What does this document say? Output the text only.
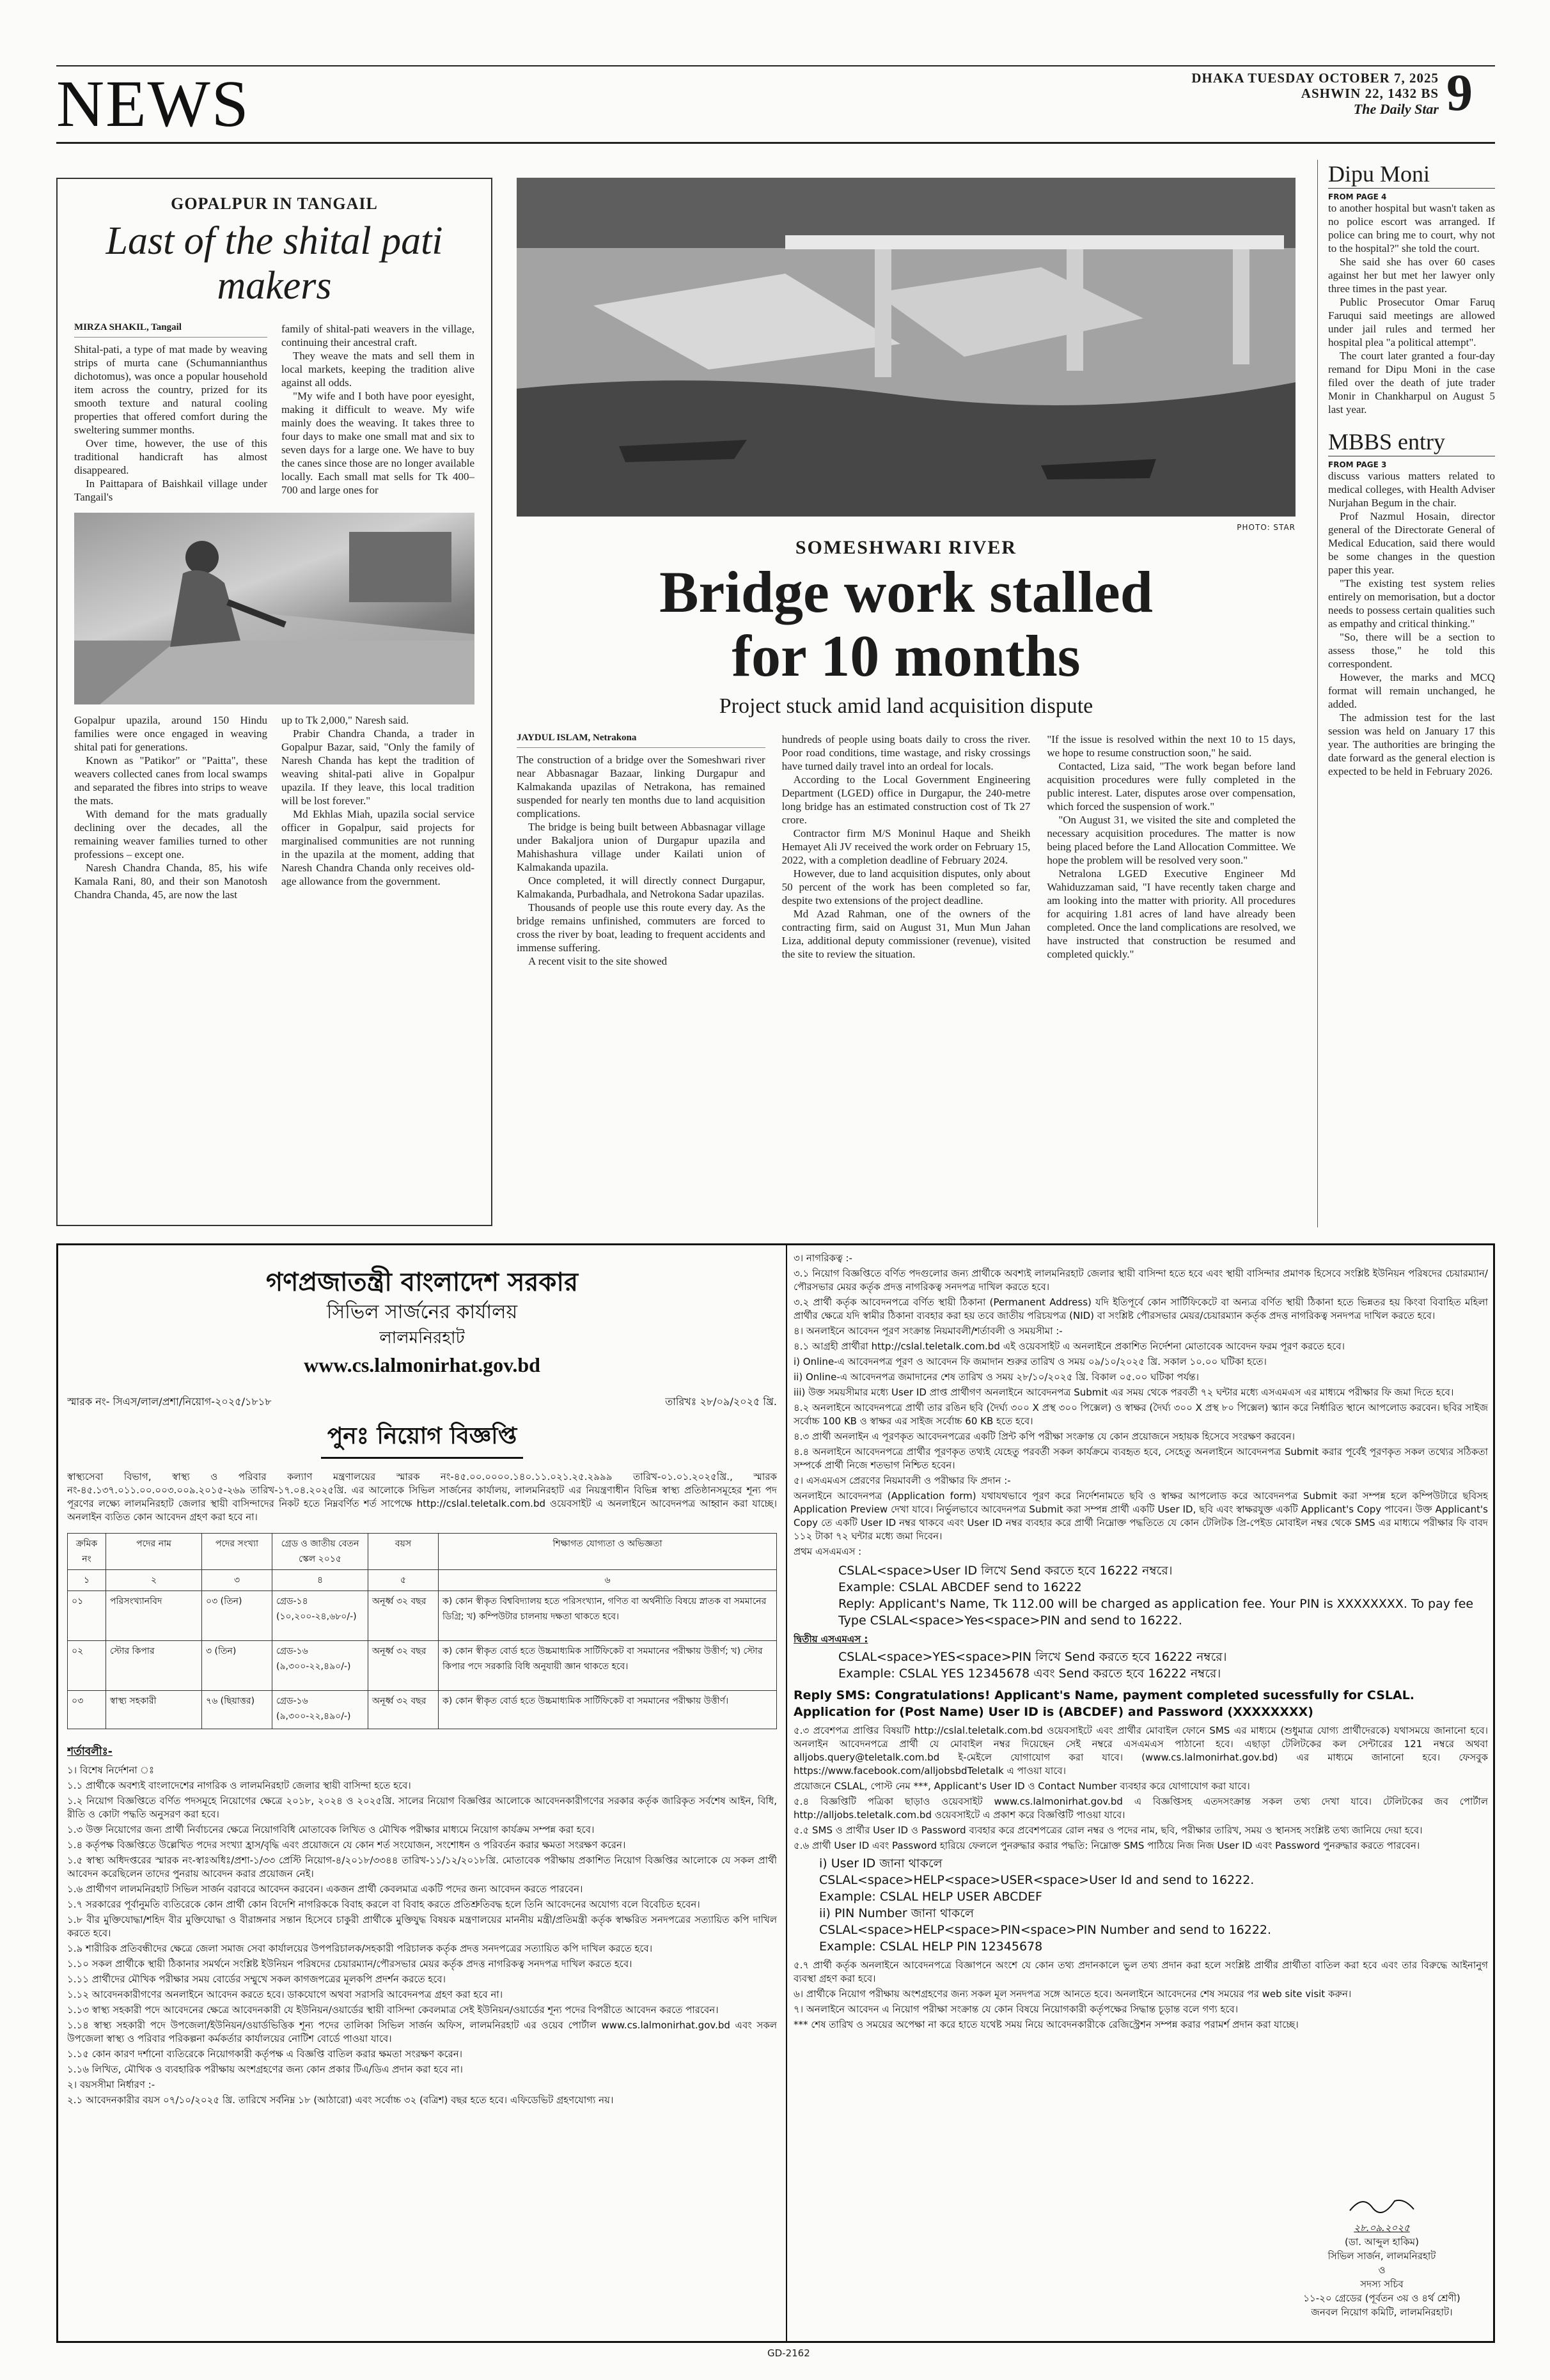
NEWS	DHAKA TUESDAY OCTOBER 7, 2025
ASHWIN 22, 1432 BS
The Daily Star 9
GOPALPUR IN TANGAIL
Last of the shital pati makers
MIRZA SHAKIL, Tangail

Shital-pati, a type of mat made by weaving strips of murta cane (Schumannianthus dichotomus), was once a popular household item across the country, prized for its smooth texture and natural cooling properties that offered comfort during the sweltering summer months.

Over time, however, the use of this traditional handicraft has almost disappeared.

In Paittapara of Baishkail village under Tangail's

family of shital-pati weavers in the village, continuing their ancestral craft.

They weave the mats and sell them in local markets, keeping the tradition alive against all odds.

"My wife and I both have poor eyesight, making it difficult to weave. My wife mainly does the weaving. It takes three to four days to make one small mat and six to seven days for a large one. We have to buy the canes since those are no longer available locally. Each small mat sells for Tk 400–700 and large ones for

Gopalpur upazila, around 150 Hindu families were once engaged in weaving shital pati for generations.

Known as "Patikor" or "Paitta", these weavers collected canes from local swamps and separated the fibres into strips to weave the mats.

With demand for the mats gradually declining over the decades, all the remaining weaver families turned to other professions – except one.

Naresh Chandra Chanda, 85, his wife Kamala Rani, 80, and their son Manotosh Chandra Chanda, 45, are now the last

up to Tk 2,000," Naresh said.

Prabir Chandra Chanda, a trader in Gopalpur Bazar, said, "Only the family of Naresh Chanda has kept the tradition of weaving shital-pati alive in Gopalpur upazila. If they leave, this local tradition will be lost forever."

Md Ekhlas Miah, upazila social service officer in Gopalpur, said projects for marginalised communities are not running in the upazila at the moment, adding that Naresh Chandra Chanda only receives old-age allowance from the government.

PHOTO: STAR
SOMESHWARI RIVER
Bridge work stalled
for 10 months
Project stuck amid land acquisition dispute
JAYDUL ISLAM, Netrakona

The construction of a bridge over the Someshwari river near Abbasnagar Bazaar, linking Durgapur and Kalmakanda upazilas of Netrakona, has remained suspended for nearly ten months due to land acquisition complications.

The bridge is being built between Abbasnagar village under Bakaljora union of Durgapur upazila and Mahishashura village under Kailati union of Kalmakanda upazila.

Once completed, it will directly connect Durgapur, Kalmakanda, Purbadhala, and Netrokona Sadar upazilas.

Thousands of people use this route every day. As the bridge remains unfinished, commuters are forced to cross the river by boat, leading to frequent accidents and immense suffering.

A recent visit to the site showed

hundreds of people using boats daily to cross the river. Poor road conditions, time wastage, and risky crossings have turned daily travel into an ordeal for locals.

According to the Local Government Engineering Department (LGED) office in Durgapur, the 240-metre long bridge has an estimated construction cost of Tk 27 crore.

Contractor firm M/S Moninul Haque and Sheikh Hemayet Ali JV received the work order on February 15, 2022, with a completion deadline of February 2024.

However, due to land acquisition disputes, only about 50 percent of the work has been completed so far, despite two extensions of the project deadline.

Md Azad Rahman, one of the owners of the contracting firm, said on August 31, Mun Mun Jahan Liza, additional deputy commissioner (revenue), visited the site to review the situation.

"If the issue is resolved within the next 10 to 15 days, we hope to resume construction soon," he said.

Contacted, Liza said, "The work began before land acquisition procedures were fully completed in the public interest. Later, disputes arose over compensation, which forced the suspension of work."

"On August 31, we visited the site and completed the necessary acquisition procedures. The matter is now being placed before the Land Allocation Committee. We hope the problem will be resolved very soon."

Netralona LGED Executive Engineer Md Wahiduzzaman said, "I have recently taken charge and am looking into the matter with priority. All procedures for acquiring 1.81 acres of land have already been completed. Once the land complications are resolved, we have instructed that construction be resumed and completed quickly."

Dipu Moni
FROM PAGE 4

to another hospital but wasn't taken as no police escort was arranged. If police can bring me to court, why not to the hospital?" she told the court.

She said she has over 60 cases against her but met her lawyer only three times in the past year.

Public Prosecutor Omar Faruq Faruqui said meetings are allowed under jail rules and termed her hospital plea "a political attempt".

The court later granted a four-day remand for Dipu Moni in the case filed over the death of jute trader Monir in Chankharpul on August 5 last year.

MBBS entry
FROM PAGE 3

discuss various matters related to medical colleges, with Health Adviser Nurjahan Begum in the chair.

Prof Nazmul Hosain, director general of the Directorate General of Medical Education, said there would be some changes in the question paper this year.

"The existing test system relies entirely on memorisation, but a doctor needs to possess certain qualities such as empathy and critical thinking."

"So, there will be a section to assess those," he told this correspondent.

However, the marks and MCQ format will remain unchanged, he added.

The admission test for the last session was held on January 17 this year. The authorities are bringing the date forward as the general election is expected to be held in February 2026.

গণপ্রজাতন্ত্রী বাংলাদেশ সরকার
সিভিল সার্জনের কার্যালয়
লালমনিরহাট
www.cs.lalmonirhat.gov.bd
স্মারক নং- সিএস/লাল/প্রশা/নিয়োগ-২০২৫/১৮১৮	তারিখঃ ২৮/০৯/২০২৫ খ্রি.
পুনঃ নিয়োগ বিজ্ঞপ্তি
স্বাস্থ্যসেবা বিভাগ, স্বাস্থ্য ও পরিবার কল্যাণ মন্ত্রণালয়ের স্মারক নং-৪৫.০০.০০০০.১৪০.১১.০২১.২৫.২৯৯৯ তারিখ-০১.০১.২০২৫খ্রি., স্মারক নং-৪৫.১৩৭.০১১.০০.০০৩.০০৯.২০১৫-২৬৯ তারিখ-১৭.০৪.২০২৫খ্রি. এর আলোকে সিভিল সার্জনের কার্যালয়, লালমনিরহাট এর নিয়ন্ত্রণাধীন বিভিন্ন স্বাস্থ্য প্রতিষ্ঠানসমূহের শূন্য পদ পূরণের লক্ষ্যে লালমনিরহাট জেলার স্থায়ী বাসিন্দাদের নিকট হতে নিম্নবর্ণিত শর্ত সাপেক্ষে http://cslal.teletalk.com.bd ওয়েবসাইট এ অনলাইনে আবেদনপত্র আহ্বান করা যাচ্ছে। অনলাইন ব্যতিত কোন আবেদন গ্রহণ করা হবে না।
ক্রমিক নং	পদের নাম	পদের সংখ্যা	গ্রেড ও জাতীয় বেতন স্কেল ২০১৫	বয়স	শিক্ষাগত যোগ্যতা ও অভিজ্ঞতা
১	২	৩	৪	৫	৬
০১	পরিসংখ্যানবিদ	০৩ (তিন)	গ্রেড-১৪ (১০,২০০-২৪,৬৮০/-)	অনূর্ধ্ব ৩২ বছর	ক) কোন স্বীকৃত বিশ্ববিদ্যালয় হতে পরিসংখ্যান, গণিত বা অর্থনীতি বিষয়ে স্নাতক বা সমমানের ডিগ্রি; খ) কম্পিউটার চালনায় দক্ষতা থাকতে হবে।
০২	স্টোর কিপার	৩ (তিন)	গ্রেড-১৬ (৯,৩০০-২২,৪৯০/-)	অনূর্ধ্ব ৩২ বছর	ক) কোন স্বীকৃত বোর্ড হতে উচ্চমাধ্যমিক সার্টিফিকেট বা সমমানের পরীক্ষায় উত্তীর্ণ; খ) স্টোর কিপার পদে সরকারি বিধি অনুযায়ী জ্ঞান থাকতে হবে।
০৩	স্বাস্থ্য সহকারী	৭৬ (ছিয়াত্তর)	গ্রেড-১৬ (৯,৩০০-২২,৪৯০/-)	অনূর্ধ্ব ৩২ বছর	ক) কোন স্বীকৃত বোর্ড হতে উচ্চমাধ্যমিক সার্টিফিকেট বা সমমানের পরীক্ষায় উত্তীর্ণ।
শর্তাবলীঃ-
১। বিশেষ নির্দেশনা ঃ
১.১ প্রার্থীকে অবশ্যই বাংলাদেশের নাগরিক ও লালমনিরহাট জেলার স্থায়ী বাসিন্দা হতে হবে।
১.২ নিয়োগ বিজ্ঞপ্তিতে বর্ণিত পদসমূহে নিয়োগের ক্ষেত্রে ২০১৮, ২০২৪ ও ২০২৫খ্রি. সালের নিয়োগ বিজ্ঞপ্তির আলোকে আবেদনকারীগণের সরকার কর্তৃক জারিকৃত সর্বশেষ আইন, বিধি, রীতি ও কোটা পদ্ধতি অনুসরণ করা হবে।
১.৩ উক্ত নিয়োগের জন্য প্রার্থী নির্বাচনের ক্ষেত্রে নিয়োগবিধি মোতাবেক লিখিত ও মৌখিক পরীক্ষার মাধ্যমে নিয়োগ কার্যক্রম সম্পন্ন করা হবে।
১.৪ কর্তৃপক্ষ বিজ্ঞপ্তিতে উল্লেখিত পদের সংখ্যা হ্রাস/বৃদ্ধি এবং প্রয়োজনে যে কোন শর্ত সংযোজন, সংশোধন ও পরিবর্তন করার ক্ষমতা সংরক্ষণ করেন।
১.৫ স্বাস্থ্য অধিদপ্তরের স্মারক নং-স্বাঃঅধিঃ/প্রশা-১/৩৩ প্রেস্টি নিয়োগ-৪/২০১৮/৩৩৪৪ তারিখ-১১/১২/২০১৮খ্রি. মোতাবেক পরীক্ষায় প্রকাশিত নিয়োগ বিজ্ঞপ্তির আলোকে যে সকল প্রার্থী আবেদন করেছিলেন তাদের পুনরায় আবেদন করার প্রয়োজন নেই।
১.৬ প্রার্থীগণ লালমনিরহাট সিভিল সার্জন বরাবরে আবেদন করবেন। একজন প্রার্থী কেবলমাত্র একটি পদের জন্য আবেদন করতে পারবেন।
১.৭ সরকারের পূর্বানুমতি ব্যতিরেকে কোন প্রার্থী কোন বিদেশি নাগরিককে বিবাহ করলে বা বিবাহ করতে প্রতিশ্রুতিবদ্ধ হলে তিনি আবেদনের অযোগ্য বলে বিবেচিত হবেন।
১.৮ বীর মুক্তিযোদ্ধা/শহিদ বীর মুক্তিযোদ্ধা ও বীরাঙ্গনার সন্তান হিসেবে চাকুরী প্রার্থীকে মুক্তিযুদ্ধ বিষয়ক মন্ত্রণালয়ের মাননীয় মন্ত্রী/প্রতিমন্ত্রী কর্তৃক স্বাক্ষরিত সনদপত্রের সত্যায়িত কপি দাখিল করতে হবে।
১.৯ শারীরিক প্রতিবন্ধীদের ক্ষেত্রে জেলা সমাজ সেবা কার্যালয়ের উপপরিচালক/সহকারী পরিচালক কর্তৃক প্রদত্ত সনদপত্রের সত্যায়িত কপি দাখিল করতে হবে।
১.১০ সকল প্রার্থীকে স্থায়ী ঠিকানার সমর্থনে সংশ্লিষ্ট ইউনিয়ন পরিষদের চেয়ারম্যান/পৌরসভার মেয়র কর্তৃক প্রদত্ত নাগরিকত্ব সনদপত্র দাখিল করতে হবে।
১.১১ প্রার্থীদের মৌখিক পরীক্ষার সময় বোর্ডের সম্মুখে সকল কাগজপত্রের মূলকপি প্রদর্শন করতে হবে।
১.১২ আবেদনকারীগণের অনলাইনে আবেদন করতে হবে। ডাকযোগে অথবা সরাসরি আবেদনপত্র গ্রহণ করা হবে না।
১.১৩ স্বাস্থ্য সহকারী পদে আবেদনের ক্ষেত্রে আবেদনকারী যে ইউনিয়ন/ওয়ার্ডের স্থায়ী বাসিন্দা কেবলমাত্র সেই ইউনিয়ন/ওয়ার্ডের শূন্য পদের বিপরীতে আবেদন করতে পারবেন।
১.১৪ স্বাস্থ্য সহকারী পদে উপজেলা/ইউনিয়ন/ওয়ার্ডভিত্তিক শূন্য পদের তালিকা সিভিল সার্জন অফিস, লালমনিরহাট এর ওয়েব পোর্টাল www.cs.lalmonirhat.gov.bd এবং সকল উপজেলা স্বাস্থ্য ও পরিবার পরিকল্পনা কর্মকর্তার কার্যালয়ের নোটিশ বোর্ডে পাওয়া যাবে।
১.১৫ কোন কারণ দর্শানো ব্যতিরেকে নিয়োগকারী কর্তৃপক্ষ এ বিজ্ঞপ্তি বাতিল করার ক্ষমতা সংরক্ষণ করেন।
১.১৬ লিখিত, মৌখিক ও ব্যবহারিক পরীক্ষায় অংশগ্রহণের জন্য কোন প্রকার টিএ/ডিএ প্রদান করা হবে না।
২। বয়সসীমা নির্ধারণ :-
২.১ আবেদনকারীর বয়স ০৭/১০/২০২৫ খ্রি. তারিখে সর্বনিম্ন ১৮ (আঠারো) এবং সর্বোচ্চ ৩২ (বত্রিশ) বছর হতে হবে। এফিডেভিট গ্রহণযোগ্য নয়।
৩। নাগরিকত্ব :-
৩.১ নিয়োগ বিজ্ঞপ্তিতে বর্ণিত পদগুলোর জন্য প্রার্থীকে অবশ্যই লালমনিরহাট জেলার স্থায়ী বাসিন্দা হতে হবে এবং স্থায়ী বাসিন্দার প্রমাণক হিসেবে সংশ্লিষ্ট ইউনিয়ন পরিষদের চেয়ারম্যান/পৌরসভার মেয়র কর্তৃক প্রদত্ত নাগরিকত্ব সনদপত্র দাখিল করতে হবে।
৩.২ প্রার্থী কর্তৃক আবেদনপত্রে বর্ণিত স্থায়ী ঠিকানা (Permanent Address) যদি ইতিপূর্বে কোন সার্টিফিকেটে বা অন্যত্র বর্ণিত স্থায়ী ঠিকানা হতে ভিন্নতর হয় কিংবা বিবাহিত মহিলা প্রার্থীর ক্ষেত্রে যদি স্বামীর ঠিকানা ব্যবহার করা হয় তবে জাতীয় পরিচয়পত্র (NID) বা সংশ্লিষ্ট পৌরসভার মেয়র/চেয়ারম্যান কর্তৃক প্রদত্ত নাগরিকত্ব সনদপত্র দাখিল করতে হবে।
৪। অনলাইনে আবেদন পূরণ সংক্রান্ত নিয়মাবলী/শর্তাবলী ও সময়সীমা :-
৪.১ আগ্রহী প্রার্থীরা http://cslal.teletalk.com.bd এই ওয়েবসাইট এ অনলাইনে প্রকাশিত নির্দেশনা মোতাবেক আবেদন ফরম পূরণ করতে হবে।
i) Online-এ আবেদনপত্র পূরণ ও আবেদন ফি জমাদান শুরুর তারিখ ও সময় ০৯/১০/২০২৫ খ্রি. সকাল ১০.০০ ঘটিকা হতে।
ii) Online-এ আবেদনপত্র জমাদানের শেষ তারিখ ও সময় ২৮/১০/২০২৫ খ্রি. বিকাল ০৫.০০ ঘটিকা পর্যন্ত।
iii) উক্ত সময়সীমার মধ্যে User ID প্রাপ্ত প্রার্থীগণ অনলাইনে আবেদনপত্র Submit এর সময় থেকে পরবর্তী ৭২ ঘন্টার মধ্যে এসএমএস এর মাধ্যমে পরীক্ষার ফি জমা দিতে হবে।
৪.২ অনলাইনে আবেদনপত্রে প্রার্থী তার রঙিন ছবি (দৈর্ঘ্য ৩০০ X প্রস্থ ৩০০ পিক্সেল) ও স্বাক্ষর (দৈর্ঘ্য ৩০০ X প্রস্থ ৮০ পিক্সেল) স্ক্যান করে নির্ধারিত স্থানে আপলোড করবেন। ছবির সাইজ সর্বোচ্চ 100 KB ও স্বাক্ষর এর সাইজ সর্বোচ্চ 60 KB হতে হবে।
৪.৩ প্রার্থী অনলাইন এ পূরণকৃত আবেদনপত্রের একটি প্রিন্ট কপি পরীক্ষা সংক্রান্ত যে কোন প্রয়োজনে সহায়ক হিসেবে সংরক্ষণ করবেন।
৪.৪ অনলাইনে আবেদনপত্রে প্রার্থীর পূরণকৃত তথ্যই যেহেতু পরবর্তী সকল কার্যক্রমে ব্যবহৃত হবে, সেহেতু অনলাইনে আবেদনপত্র Submit করার পূর্বেই পূরণকৃত সকল তথ্যের সঠিকতা সম্পর্কে প্রার্থী নিজে শতভাগ নিশ্চিত হবেন।
৫। এসএমএস প্রেরণের নিয়মাবলী ও পরীক্ষার ফি প্রদান :-
অনলাইনে আবেদনপত্র (Application form) যথাযথভাবে পূরণ করে নির্দেশনামতে ছবি ও স্বাক্ষর আপলোড করে আবেদনপত্র Submit করা সম্পন্ন হলে কম্পিউটারে ছবিসহ Application Preview দেখা যাবে। নির্ভুলভাবে আবেদনপত্র Submit করা সম্পন্ন প্রার্থী একটি User ID, ছবি এবং স্বাক্ষরযুক্ত একটি Applicant's Copy পাবেন। উক্ত Applicant's Copy তে একটি User ID নম্বর থাকবে এবং User ID নম্বর ব্যবহার করে প্রার্থী নিম্নোক্ত পদ্ধতিতে যে কোন টেলিটক প্রি-পেইড মোবাইল নম্বর থেকে SMS এর মাধ্যমে পরীক্ষার ফি বাবদ ১১২ টাকা ৭২ ঘন্টার মধ্যে জমা দিবেন।
প্রথম এসএমএস :
CSLAL<space>User ID লিখে Send করতে হবে 16222 নম্বরে।
Example: CSLAL ABCDEF send to 16222
Reply: Applicant's Name, Tk 112.00 will be charged as application fee. Your PIN is XXXXXXXX. To pay fee Type CSLAL<space>Yes<space>PIN and send to 16222.
দ্বিতীয় এসএমএস :
CSLAL<space>YES<space>PIN লিখে Send করতে হবে 16222 নম্বরে।
Example: CSLAL YES 12345678 এবং Send করতে হবে 16222 নম্বরে।
Reply SMS: Congratulations! Applicant's Name, payment completed sucessfully for CSLAL.
Application for (Post Name) User ID is (ABCDEF) and Password (XXXXXXXX)
৫.৩ প্রবেশপত্র প্রাপ্তির বিষয়টি http://cslal.teletalk.com.bd ওয়েবসাইটে এবং প্রার্থীর মোবাইল ফোনে SMS এর মাধ্যমে (শুধুমাত্র যোগ্য প্রার্থীদেরকে) যথাসময়ে জানানো হবে। অনলাইন আবেদনপত্রে প্রার্থী যে মোবাইল নম্বর দিয়েছেন সেই নম্বরে এসএমএস পাঠানো হবে। এছাড়া টেলিটকের কল সেন্টারের 121 নম্বরে অথবা alljobs.query@teletalk.com.bd ই-মেইলে যোগাযোগ করা যাবে। (www.cs.lalmonirhat.gov.bd) এর মাধ্যমে জানানো হবে। ফেসবুক https://www.facebook.com/alljobsbdTeletalk এ পাওয়া যাবে।
প্রয়োজনে CSLAL, পোস্ট নেম ***, Applicant's User ID ও Contact Number ব্যবহার করে যোগাযোগ করা যাবে।
৫.৪ বিজ্ঞপ্তিটি পত্রিকা ছাড়াও ওয়েবসাইট www.cs.lalmonirhat.gov.bd এ বিজ্ঞপ্তিসহ এতদসংক্রান্ত সকল তথ্য দেখা যাবে। টেলিটকের জব পোর্টাল http://alljobs.teletalk.com.bd ওয়েবসাইটে এ প্রকাশ করে বিজ্ঞপ্তিটি পাওয়া যাবে।
৫.৫ SMS ও প্রার্থীর User ID ও Password ব্যবহার করে প্রবেশপত্রের রোল নম্বর ও পদের নাম, ছবি, পরীক্ষার তারিখ, সময় ও স্থানসহ সংশ্লিষ্ট তথ্য জানিয়ে দেয়া হবে।
৫.৬ প্রার্থী User ID এবং Password হারিয়ে ফেললে পুনরুদ্ধার করার পদ্ধতি: নিম্নোক্ত SMS পাঠিয়ে নিজ নিজ User ID এবং Password পুনরুদ্ধার করতে পারবেন।
i) User ID জানা থাকলে
CSLAL<space>HELP<space>USER<space>User Id and send to 16222.
Example: CSLAL HELP USER ABCDEF
ii) PIN Number জানা থাকলে
CSLAL<space>HELP<space>PIN<space>PIN Number and send to 16222.
Example: CSLAL HELP PIN 12345678
৫.৭ প্রার্থী কর্তৃক অনলাইনে আবেদনপত্রে বিজ্ঞাপনে অংশে যে কোন তথ্য প্রদানকালে ভুল তথ্য প্রদান করা হলে সংশ্লিষ্ট প্রার্থীর প্রার্থীতা বাতিল করা হবে এবং তার বিরুদ্ধে আইনানুগ ব্যবস্থা গ্রহণ করা হবে।
৬। প্রার্থীকে নিয়োগ পরীক্ষায় অংশগ্রহণের জন্য সকল মূল সনদপত্র সঙ্গে আনতে হবে। অনলাইনে আবেদনের শেষ সময়ের পর web site visit করুন।
৭। অনলাইনে আবেদন এ নিয়োগ পরীক্ষা সংক্রান্ত যে কোন বিষয়ে নিয়োগকারী কর্তৃপক্ষের সিদ্ধান্ত চূড়ান্ত বলে গণ্য হবে।
*** শেষ তারিখ ও সময়ের অপেক্ষা না করে হাতে যথেষ্ট সময় নিয়ে আবেদনকারীকে রেজিস্ট্রেশন সম্পন্ন করার পরামর্শ প্রদান করা যাচ্ছে।
২৮.০৯.২০২৫
(ডা. আব্দুল হাকিম)
সিভিল সার্জন, লালমনিরহাট
ও
সদস্য সচিব
১১-২০ গ্রেডের (পূর্বতন ৩য় ও ৪র্থ শ্রেণী)
জনবল নিয়োগ কমিটি, লালমনিরহাট।
GD-2162
